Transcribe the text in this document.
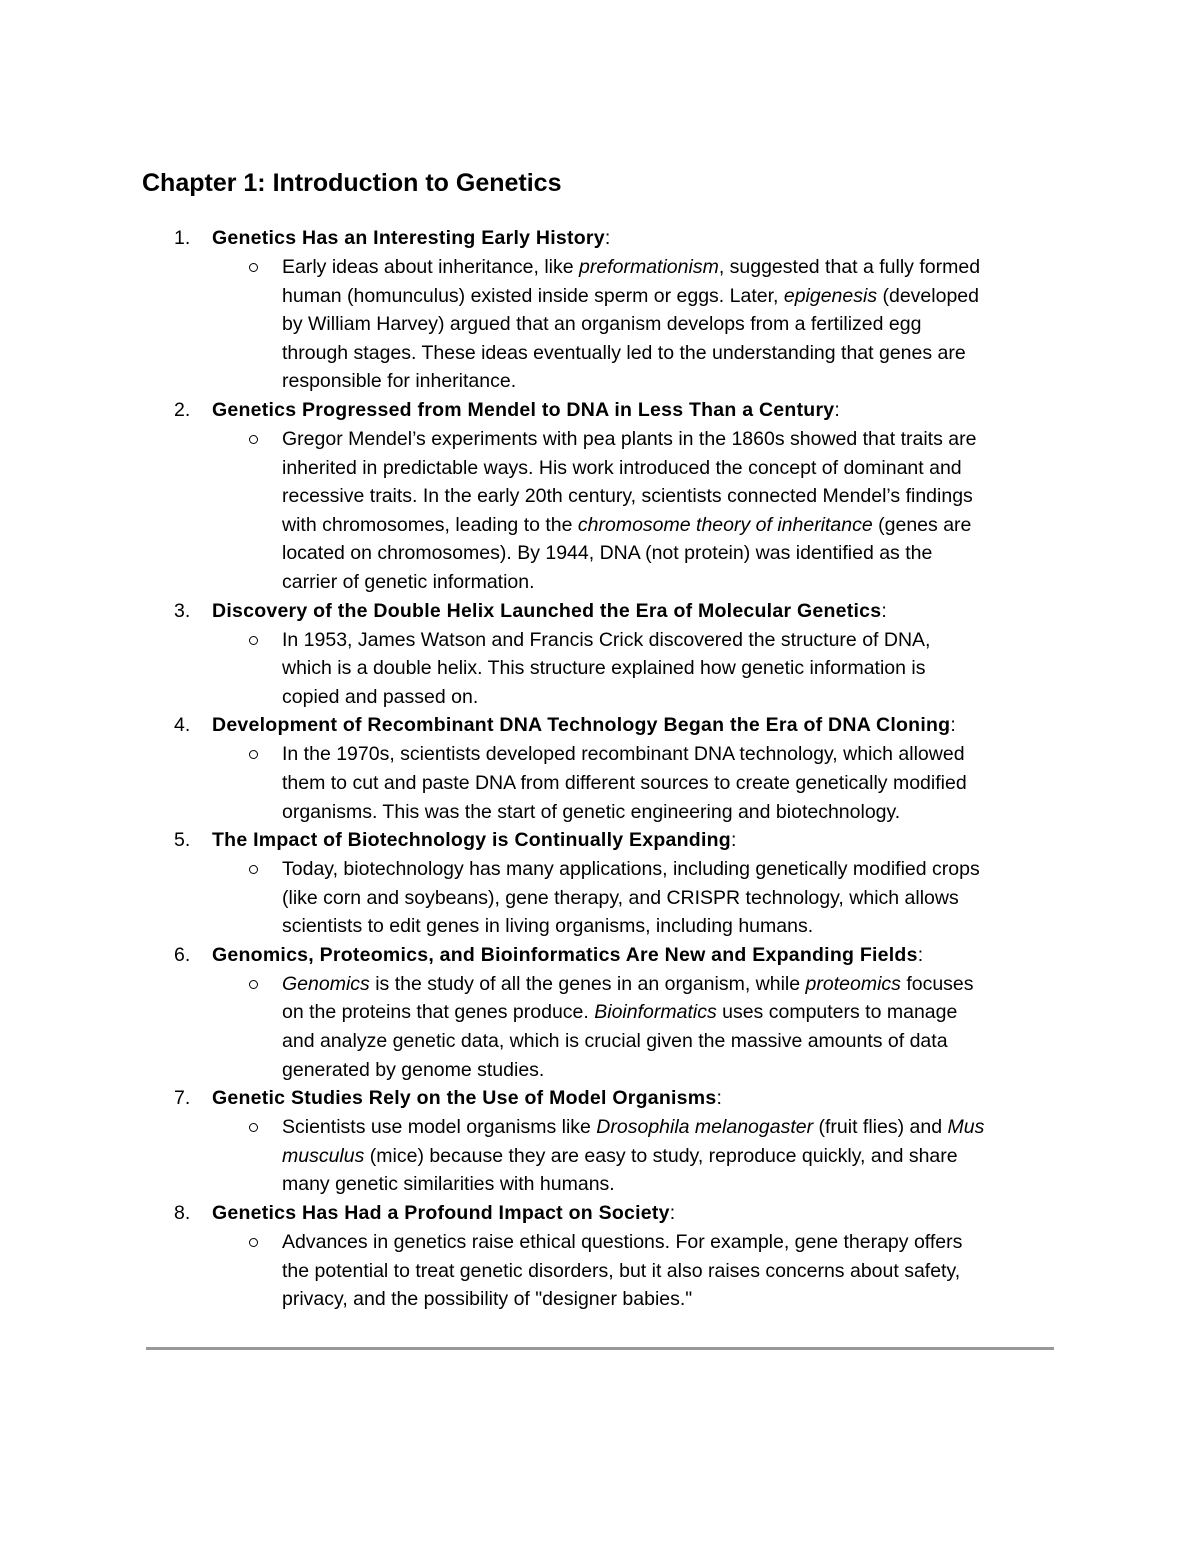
Chapter 1: Introduction to Genetics
1. Genetics Has an Interesting Early History:

Early ideas about inheritance, like preformationism, suggested that a fully formed
human (homunculus) existed inside sperm or eggs. Later, epigenesis (developed
by William Harvey) argued that an organism develops from a fertilized egg
through stages. These ideas eventually led to the understanding that genes are
responsible for inheritance.

2. Genetics Progressed from Mendel to DNA in Less Than a Century:

Gregor Mendel’s experiments with pea plants in the 1860s showed that traits are
inherited in predictable ways. His work introduced the concept of dominant and
recessive traits. In the early 20th century, scientists connected Mendel’s findings
with chromosomes, leading to the chromosome theory of inheritance (genes are
located on chromosomes). By 1944, DNA (not protein) was identified as the
carrier of genetic information.

3. Discovery of the Double Helix Launched the Era of Molecular Genetics:

In 1953, James Watson and Francis Crick discovered the structure of DNA,
which is a double helix. This structure explained how genetic information is
copied and passed on.

4. Development of Recombinant DNA Technology Began the Era of DNA Cloning:

In the 1970s, scientists developed recombinant DNA technology, which allowed
them to cut and paste DNA from different sources to create genetically modified
organisms. This was the start of genetic engineering and biotechnology.

5. The Impact of Biotechnology is Continually Expanding:

Today, biotechnology has many applications, including genetically modified crops
(like corn and soybeans), gene therapy, and CRISPR technology, which allows
scientists to edit genes in living organisms, including humans.

6. Genomics, Proteomics, and Bioinformatics Are New and Expanding Fields:

Genomics is the study of all the genes in an organism, while proteomics focuses
on the proteins that genes produce. Bioinformatics uses computers to manage
and analyze genetic data, which is crucial given the massive amounts of data
generated by genome studies.

7. Genetic Studies Rely on the Use of Model Organisms:

Scientists use model organisms like Drosophila melanogaster (fruit flies) and Mus
musculus (mice) because they are easy to study, reproduce quickly, and share
many genetic similarities with humans.

8. Genetics Has Had a Profound Impact on Society:

Advances in genetics raise ethical questions. For example, gene therapy offers
the potential to treat genetic disorders, but it also raises concerns about safety,
privacy, and the possibility of "designer babies."
